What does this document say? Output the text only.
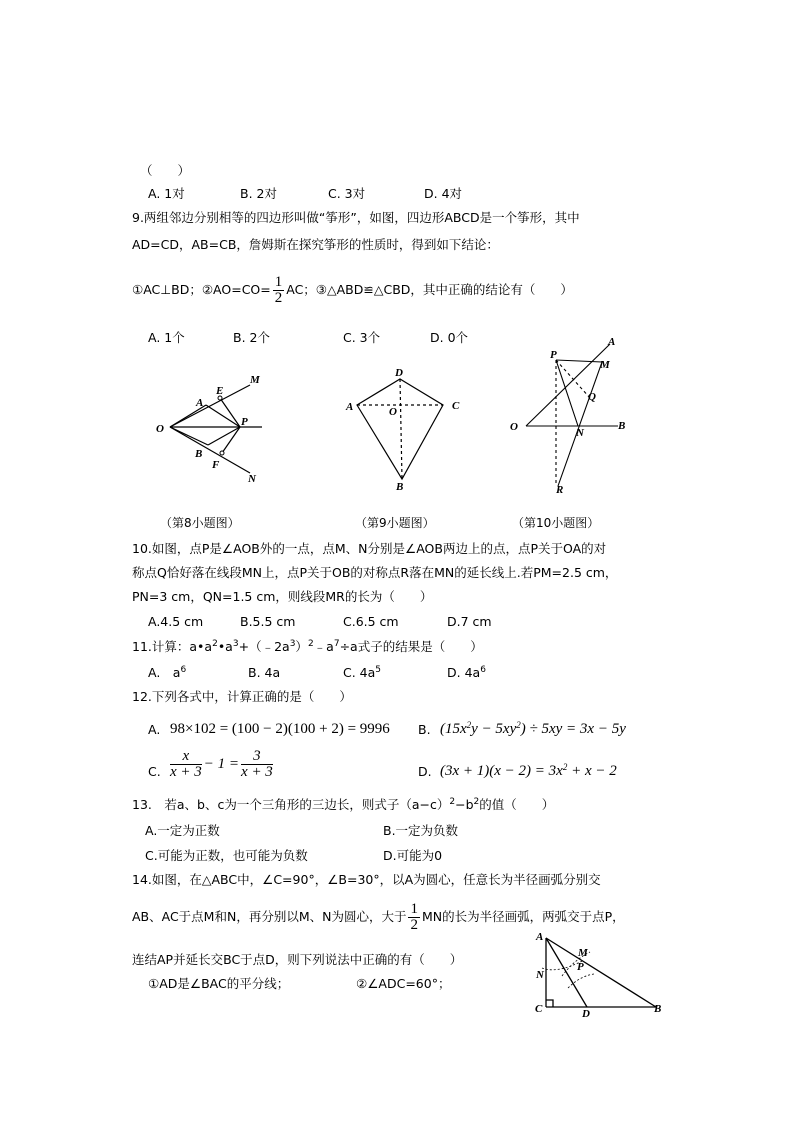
（　　）
A. 1对	B. 2对	C. 3对	D. 4对
9.两组邻边分别相等的四边形叫做“筝形”，如图，四边形ABCD是一个筝形，其中
AD=CD，AB=CB，詹姆斯在探究筝形的性质时，得到如下结论：
①AC⊥BD；②AO=CO= $\frac{1}{2}$ AC；③△ABD≌△CBD，其中正确的结论有（　　）
A. 1个	B. 2个	C. 3个	D. 0个
O
A
E
M
P
B
F
N
D
A	C
O
B
P
A
M
Q
O	N
B
R
（第8小题图）	（第9小题图）	（第10小题图）
10.如图，点P是∠AOB外的一点，点M、N分别是∠AOB两边上的点，点P关于OA的对
称点Q恰好落在线段MN上，点P关于OB的对称点R落在MN的延长线上.若PM=2.5 cm，
PN=3 cm，QN=1.5 cm，则线段MR的长为（　　）
A.4.5 cm	B.5.5 cm	C.6.5 cm	D.7 cm
11.计算：$a•a^2•a^3+(﹣2a^3)^2﹣a^7\div a$式子的结果是（　　）
A.　$a^6$	B. 4a	C. $4a^5$	D. $4a^6$
12.下列各式中，计算正确的是（　　）
A. 98×102 = (100 − 2)(100 + 2) = 9996 B. $(15x^2y - 5xy^2) \div 5xy = 3x - 5y$
C. $\frac{x}{x + 3} - 1 = \frac{3}{x + 3}$	D. $(3x + 1)(x - 2) = 3x^2 + x - 2$
13.　若a、b、c为一个三角形的三边长，则式子$(a-c)^2-b^2$的值（　　）
A.一定为正数	B.一定为负数
C.可能为正数，也可能为负数	D.可能为0
14.如图，在△ABC中，∠C=90°，∠B=30°，以A为圆心，任意长为半径画弧分别交
AB、AC于点M和N，再分别以M、N为圆心，大于 $\frac{1}{2}$ MN的长为半径画弧，两弧交于点P，
连结AP并延长交BC于点D，则下列说法中正确的有（　　）
①AD是∠BAC的平分线；	②∠ADC=60°；
A
M
N
P
C	D	B
